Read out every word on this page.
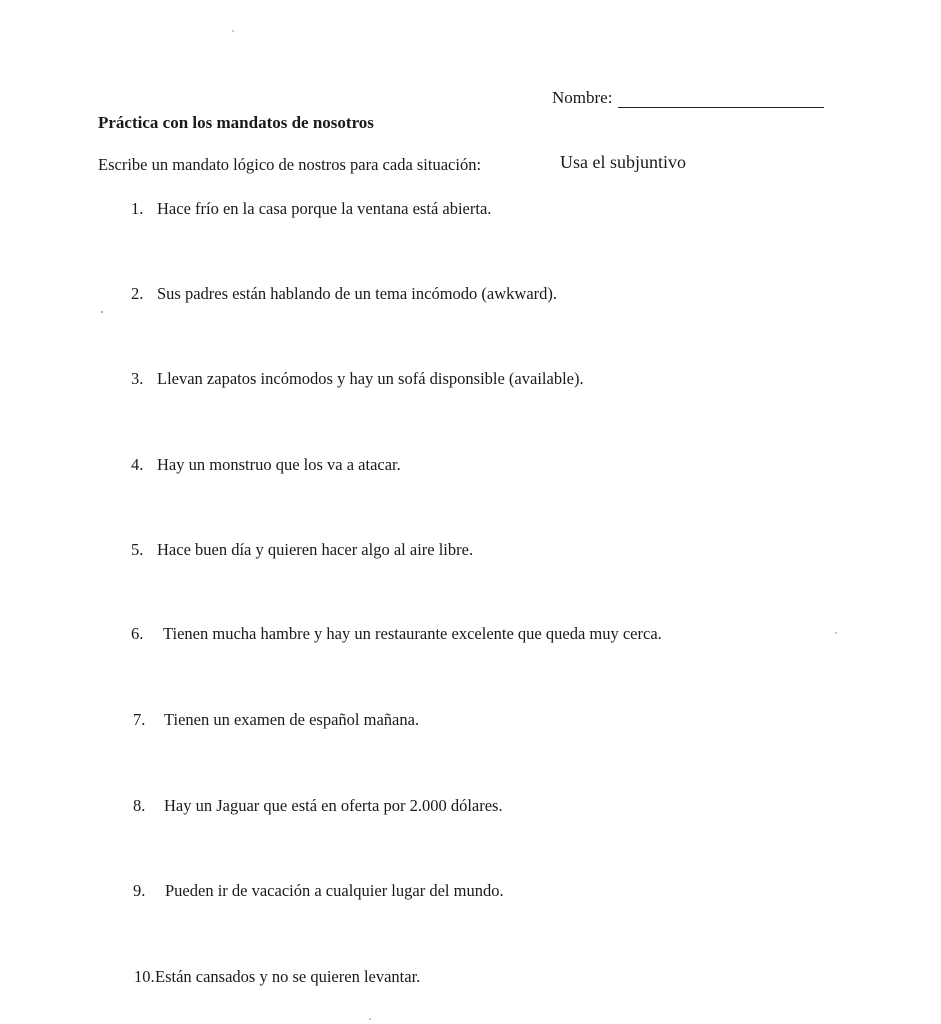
Nombre:
Práctica con los mandatos de nosotros
Escribe un mandato lógico de nostros para cada situación:	Usa el subjuntivo
1. Hace frío en la casa porque la ventana está abierta.
2. Sus padres están hablando de un tema incómodo (awkward).
3. Llevan zapatos incómodos y hay un sofá disponsible (available).
4. Hay un monstruo que los va a atacar.
5. Hace buen día y quieren hacer algo al aire libre.
6. Tienen mucha hambre y hay un restaurante excelente que queda muy cerca.
7. Tienen un examen de español mañana.
8. Hay un Jaguar que está en oferta por 2.000 dólares.
9. Pueden ir de vacación a cualquier lugar del mundo.
10.Están cansados y no se quieren levantar.
